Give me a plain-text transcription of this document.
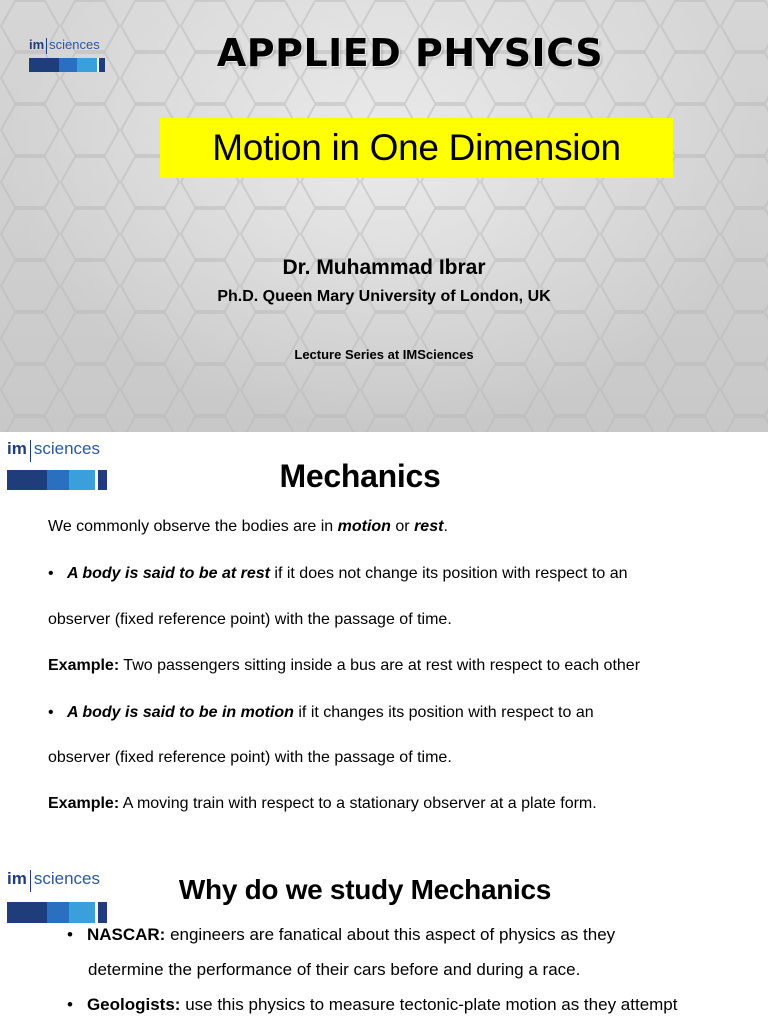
im sciences	APPLIED PHYSICS
Motion in One Dimension
Dr. Muhammad Ibrar
Ph.D. Queen Mary University of London, UK
Lecture Series at IMSciences
Mechanics
We commonly observe the bodies are in motion or rest.
• A body is said to be at rest if it does not change its position with respect to an
observer (fixed reference point) with the passage of time.
Example: Two passengers sitting inside a bus are at rest with respect to each other
• A body is said to be in motion if it changes its position with respect to an
observer (fixed reference point) with the passage of time.
Example: A moving train with respect to a stationary observer at a plate form.
im sciences
Why do we study Mechanics
• NASCAR: engineers are fanatical about this aspect of physics as they
determine the performance of their cars before and during a race.
• Geologists: use this physics to measure tectonic-plate motion as they attempt
im sciences
